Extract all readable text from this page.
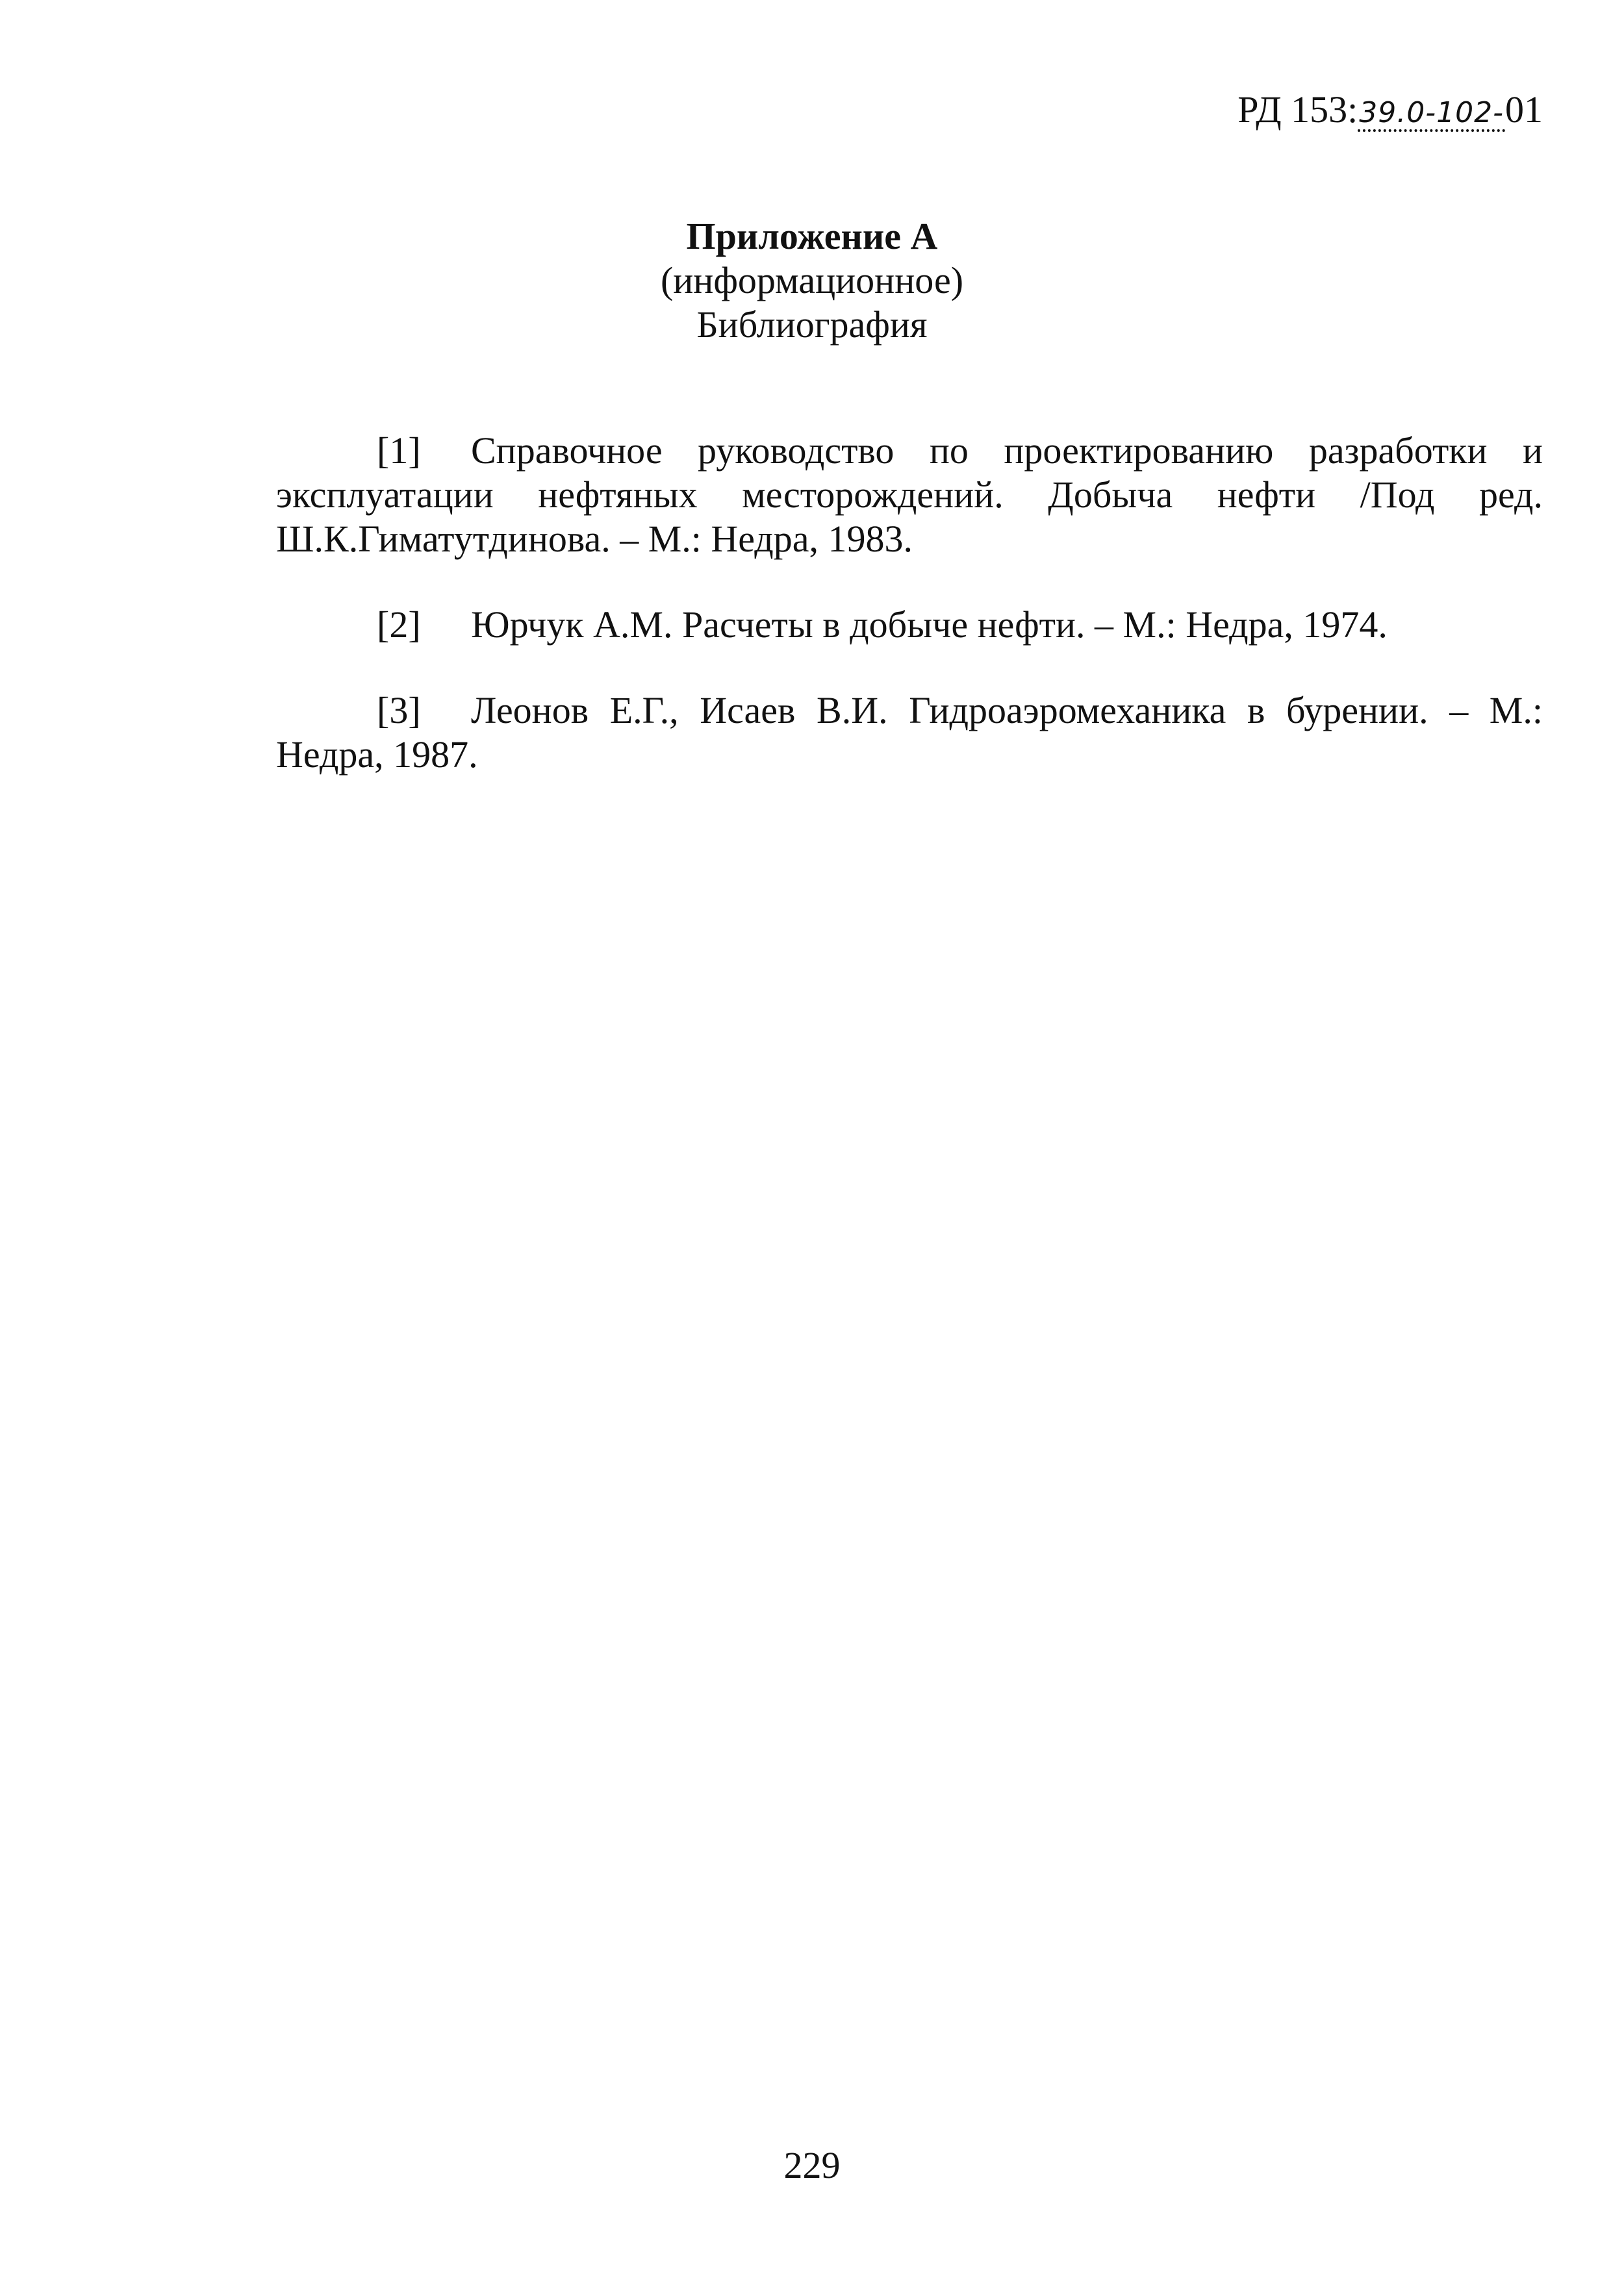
РД 153:39.0-102-01
Приложение А
(информационное)
Библиография

[1] Справочное руководство по проектированию разработки и эксплуатации нефтяных месторождений. Добыча нефти /Под ред. Ш.К.Гиматутдинова. – М.: Недра, 1983.

[2] Юрчук А.М. Расчеты в добыче нефти. – М.: Недра, 1974.

[3] Леонов Е.Г., Исаев В.И. Гидроаэромеханика в бурении. – М.: Недра, 1987.

229
